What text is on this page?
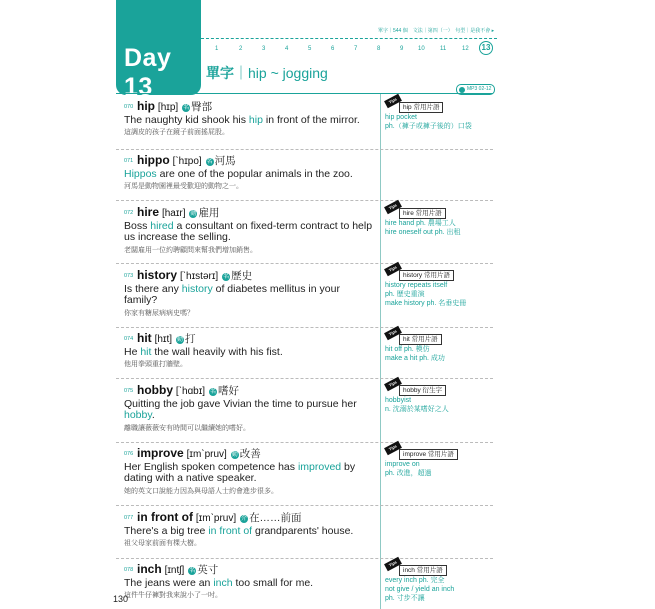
Day 13
單字｜544 個　文法｜第四（一）　句型｜是我不會 ▸
1	2	3	4	5	6	7	8	9 10	11	12	13
單字｜hip ~ jogging
MP3 02-12
070 hip [hɪp] 名 臀部
The naughty kid shook his hip in front of the mirror.
這調皮的孩子在鏡子前面搖屁股。
071 hippo [ˋhɪpo] 名 河馬
Hippos are one of the popular animals in the zoo.
河馬是動物園裡最受歡迎的動物之一。
072 hire [haɪr] 動 雇用
Boss hired a consultant on fixed-term contract to help us increase the selling.
老闆雇用一位約聘顧問來幫我們增加銷售。
073 history [ˋhɪstərɪ] 名 歷史
Is there any history of diabetes mellitus in your family?
你家有糖尿病病史嗎？
074 hit [hɪt] 動 打
He hit the wall heavily with his fist.
他用拳頭重打牆壁。
075 hobby [ˋhɑbɪ] 名 嗜好
Quitting the job gave Vivian the time to pursue her hobby.
離職讓薇薇安有時間可以繼續她的嗜好。
076 improve [ɪmˋpruv] 動 改善
Her English spoken competence has improved by dating with a native speaker.
她的英文口說能力因為與母語人士約會進步很多。
077 in front of [ɪmˋpruv] 介 在……前面
There's a big tree in front of grandparents' house.
祖父母家前面有棵大樹。
078 inch [ɪntʃ] 名 英寸
The jeans were an inch too small for me.
這件牛仔褲對我來說小了一吋。
Tips
hip 常用片語
hip pocket
ph.（褲子或褲子後的）口袋
Tips
hire 常用片語
hire hand ph. 農場工人
hire oneself out ph. 出租
Tips
history 常用片語
history repeats itself
ph. 歷史重演
make history ph. 名垂史冊
Tips
hit 常用片語
hit off ph. 模仿
make a hit ph. 成功
Tips
hobby 衍生字
hobbyist
n. 沈溺於某嗜好之人
Tips
improve 常用片語
improve on
ph. 改進，超過
Tips
inch 常用片語
every inch ph. 完全
not give / yield an inch
ph. 寸步不讓
130
